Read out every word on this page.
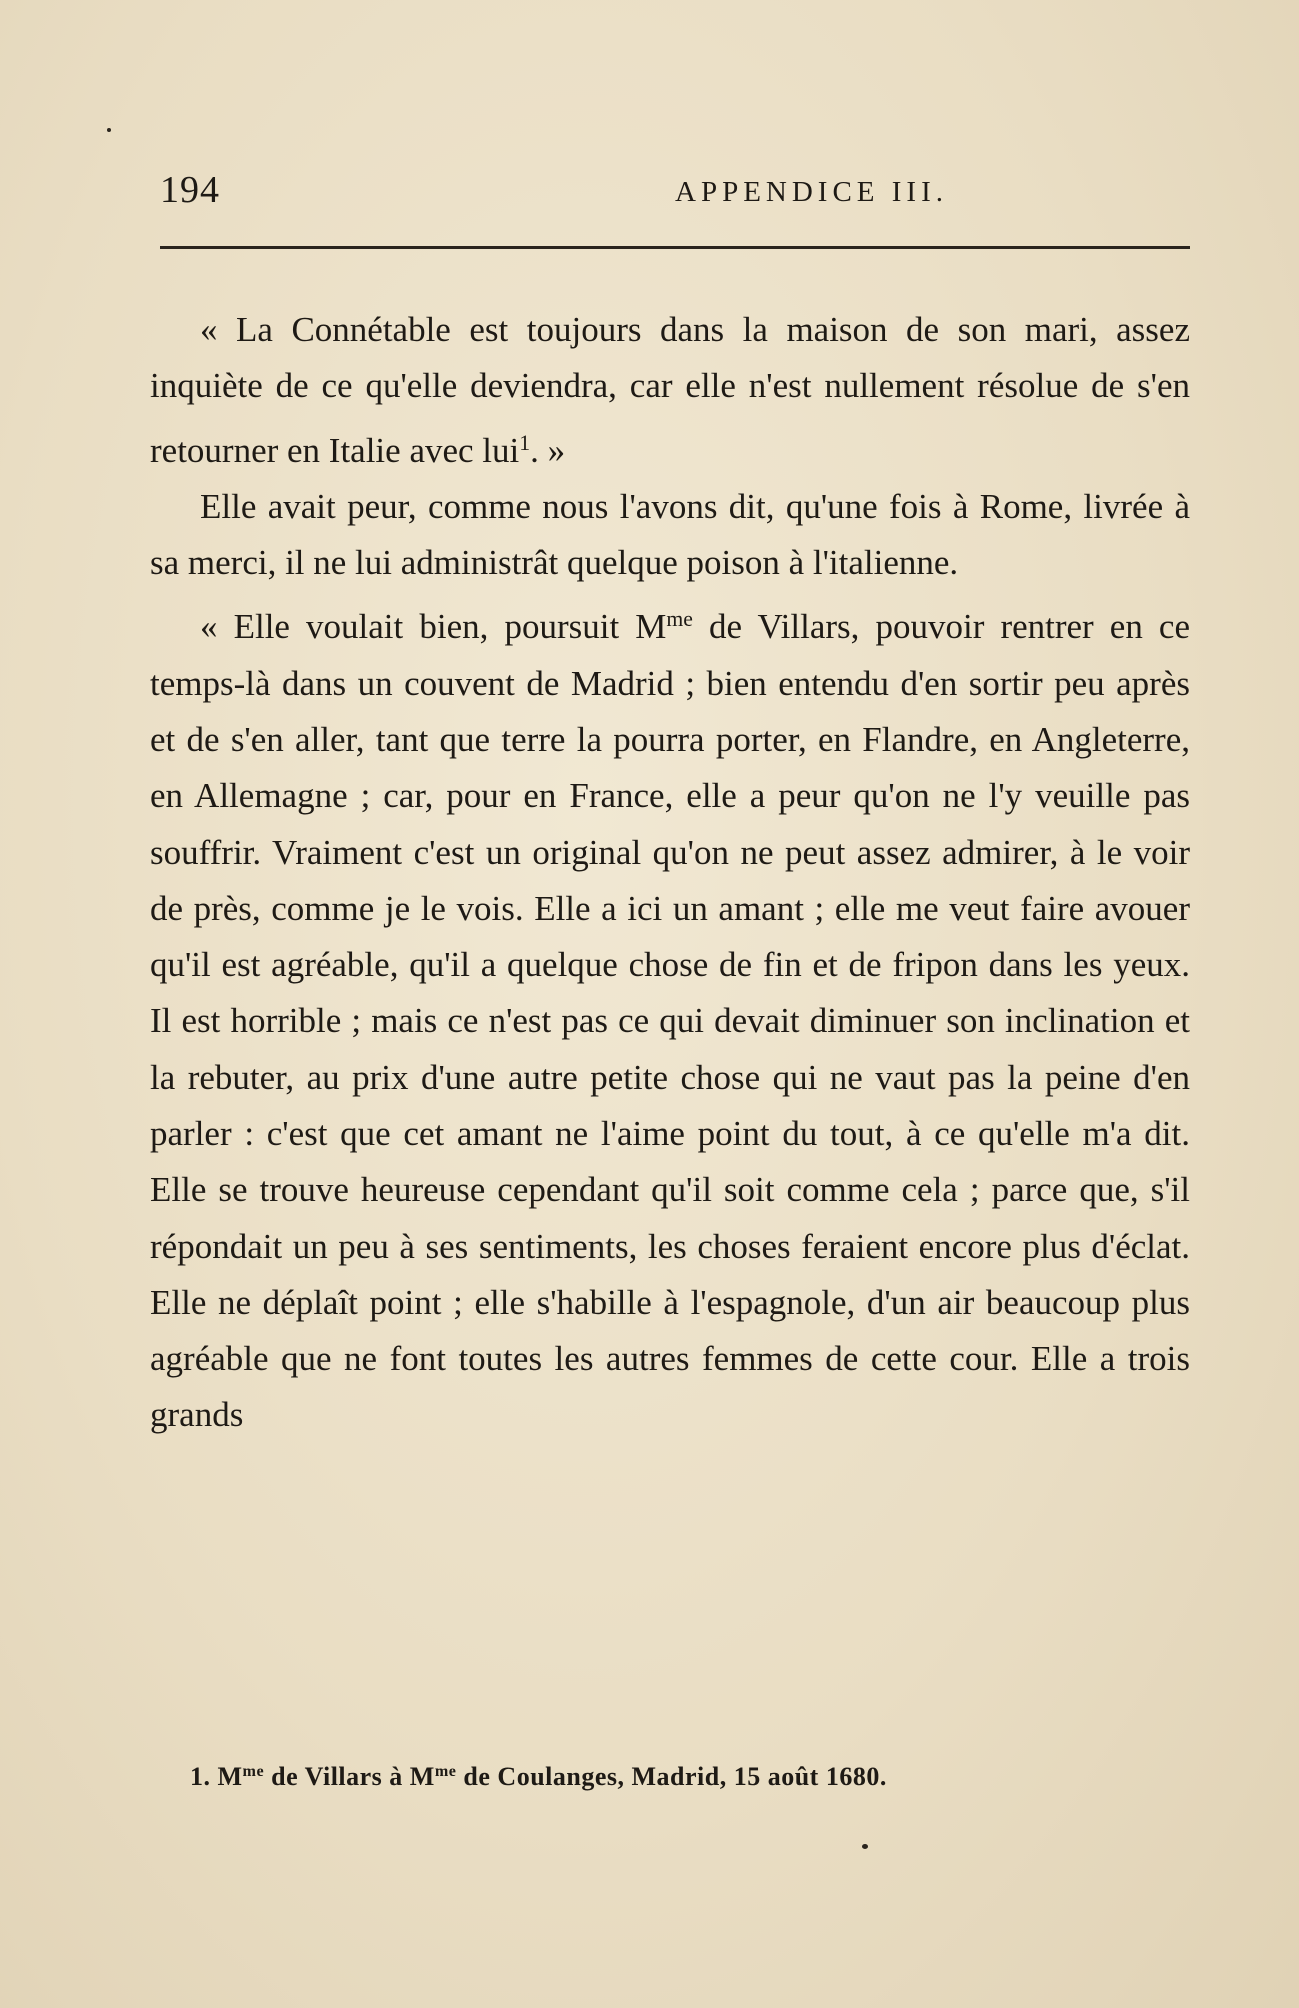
194	APPENDICE III.

« La Connétable est toujours dans la maison de son mari, assez inquiète de ce qu'elle deviendra, car elle n'est nullement résolue de s'en retourner en Italie avec lui$^1$. »

Elle avait peur, comme nous l'avons dit, qu'une fois à Rome, livrée à sa merci, il ne lui administrât quelque poison à l'italienne.

« Elle voulait bien, poursuit $M^{me}$ de Villars, pouvoir rentrer en ce temps-là dans un couvent de Madrid ; bien entendu d'en sortir peu après et de s'en aller, tant que terre la pourra porter, en Flandre, en Angleterre, en Allemagne ; car, pour en France, elle a peur qu'on ne l'y veuille pas souffrir. Vraiment c'est un original qu'on ne peut assez admirer, à le voir de près, comme je le vois. Elle a ici un amant ; elle me veut faire avouer qu'il est agréable, qu'il a quelque chose de fin et de fripon dans les yeux. Il est horrible ; mais ce n'est pas ce qui devait diminuer son inclination et la rebuter, au prix d'une autre petite chose qui ne vaut pas la peine d'en parler : c'est que cet amant ne l'aime point du tout, à ce qu'elle m'a dit. Elle se trouve heureuse cependant qu'il soit comme cela ; parce que, s'il répondait un peu à ses sentiments, les choses feraient encore plus d'éclat. Elle ne déplaît point ; elle s'habille à l'espagnole, d'un air beaucoup plus agréable que ne font toutes les autres femmes de cette cour. Elle a trois grands

1. $M^{me}$ de Villars à $M^{me}$ de Coulanges, Madrid, 15 août 1680.
